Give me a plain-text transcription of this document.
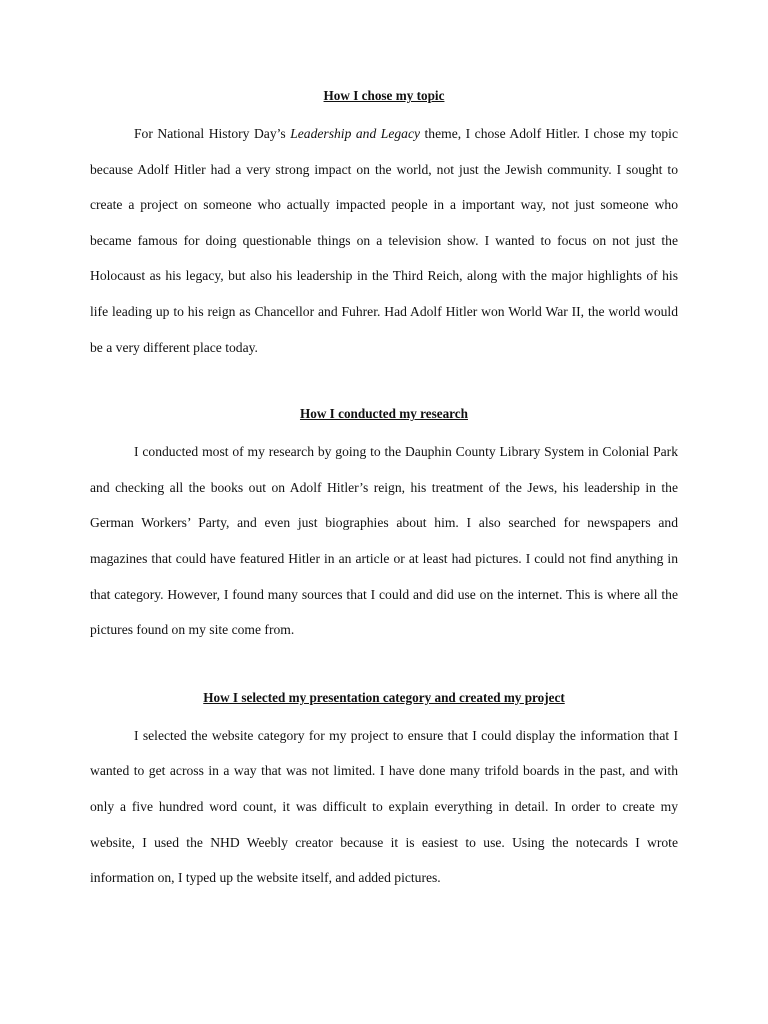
How I chose my topic

For National History Day’s Leadership and Legacy theme, I chose Adolf Hitler. I chose my topic because Adolf Hitler had a very strong impact on the world, not just the Jewish community. I sought to create a project on someone who actually impacted people in a important way, not just someone who became famous for doing questionable things on a television show. I wanted to focus on not just the Holocaust as his legacy, but also his leadership in the Third Reich, along with the major highlights of his life leading up to his reign as Chancellor and Fuhrer. Had Adolf Hitler won World War II, the world would be a very different place today.

How I conducted my research

I conducted most of my research by going to the Dauphin County Library System in Colonial Park and checking all the books out on Adolf Hitler’s reign, his treatment of the Jews, his leadership in the German Workers’ Party, and even just biographies about him. I also searched for newspapers and magazines that could have featured Hitler in an article or at least had pictures. I could not find anything in that category. However, I found many sources that I could and did use on the internet. This is where all the pictures found on my site come from.

How I selected my presentation category and created my project

I selected the website category for my project to ensure that I could display the information that I wanted to get across in a way that was not limited. I have done many trifold boards in the past, and with only a five hundred word count, it was difficult to explain everything in detail. In order to create my website, I used the NHD Weebly creator because it is easiest to use. Using the notecards I wrote information on, I typed up the website itself, and added pictures.
